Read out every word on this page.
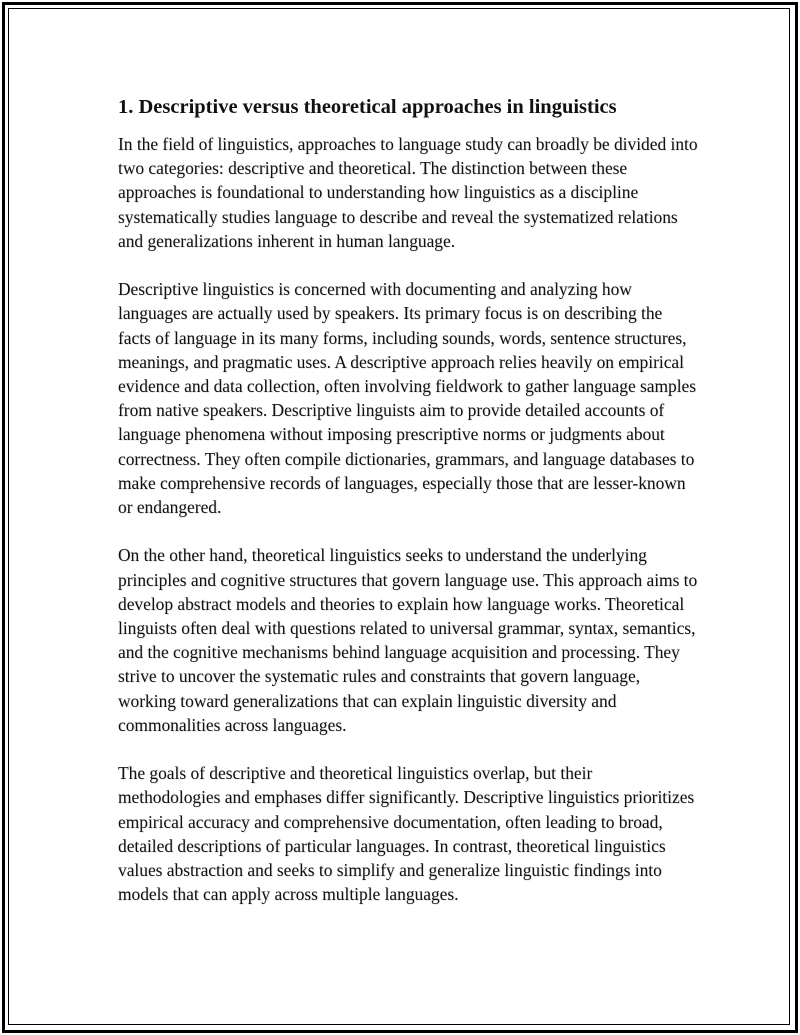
1. Descriptive versus theoretical approaches in linguistics

In the field of linguistics, approaches to language study can broadly be divided into two categories: descriptive and theoretical. The distinction between these approaches is foundational to understanding how linguistics as a discipline systematically studies language to describe and reveal the systematized relations and generalizations inherent in human language.

Descriptive linguistics is concerned with documenting and analyzing how languages are actually used by speakers. Its primary focus is on describing the facts of language in its many forms, including sounds, words, sentence structures, meanings, and pragmatic uses. A descriptive approach relies heavily on empirical evidence and data collection, often involving fieldwork to gather language samples from native speakers. Descriptive linguists aim to provide detailed accounts of language phenomena without imposing prescriptive norms or judgments about correctness. They often compile dictionaries, grammars, and language databases to make comprehensive records of languages, especially those that are lesser-known or endangered.

On the other hand, theoretical linguistics seeks to understand the underlying principles and cognitive structures that govern language use. This approach aims to develop abstract models and theories to explain how language works. Theoretical linguists often deal with questions related to universal grammar, syntax, semantics, and the cognitive mechanisms behind language acquisition and processing. They strive to uncover the systematic rules and constraints that govern language, working toward generalizations that can explain linguistic diversity and commonalities across languages.

The goals of descriptive and theoretical linguistics overlap, but their methodologies and emphases differ significantly. Descriptive linguistics prioritizes empirical accuracy and comprehensive documentation, often leading to broad, detailed descriptions of particular languages. In contrast, theoretical linguistics values abstraction and seeks to simplify and generalize linguistic findings into models that can apply across multiple languages.
